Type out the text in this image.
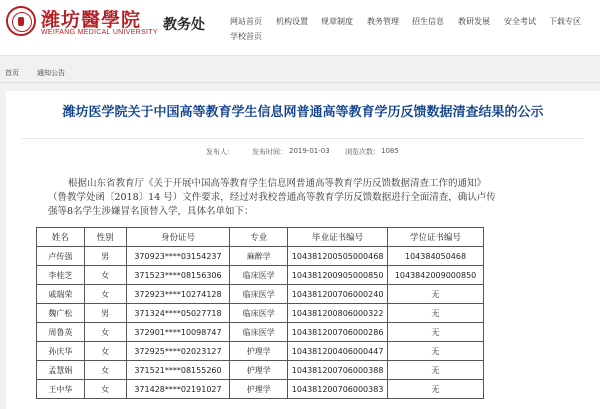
潍坊醫學院
WEIFANG MEDICAL UNIVERSITY 教务处	网站首页 机构设置 规章制度 教务管理 招生信息 教研发展 安全考试 下载专区
学校首页
首页	通知公告
潍坊医学院关于中国高等教育学生信息网普通高等教育学历反馈数据清查结果的公示
发布人：	发布时间： 2019-01-03 浏览次数： 1085
根据山东省教育厅《关于开展中国高等教育学生信息网普通高等教育学历反馈数据清查工作的通知》
（鲁教学处函〔2018〕14 号）文件要求，经过对我校普通高等教育学历反馈数据进行全面清查，确认卢传
强等8名学生涉嫌冒名顶替入学，具体名单如下：
姓名	性别	身份证号	专业	毕业证书编号	学位证书编号
卢传强	男	370923****03154237	麻醉学	104381200505000468	104384050468
李桂芝	女	371523****08156306	临床医学	104381200905000850	1043842009000850
戚瑞荣	女	372923****10274128	临床医学	104381200706000240	无
魏广松	男	371324****05027718	临床医学	104381200806000322	无
周鲁英	女	372901****10098747	临床医学	104381200706000286	无
孙庆华	女	372925****02023127	护理学	104381200406000447	无
孟慧娟	女	371521****08155260	护理学	104381200706000388	无
王中华	女	371428****02191027	护理学	104381200706000383	无
